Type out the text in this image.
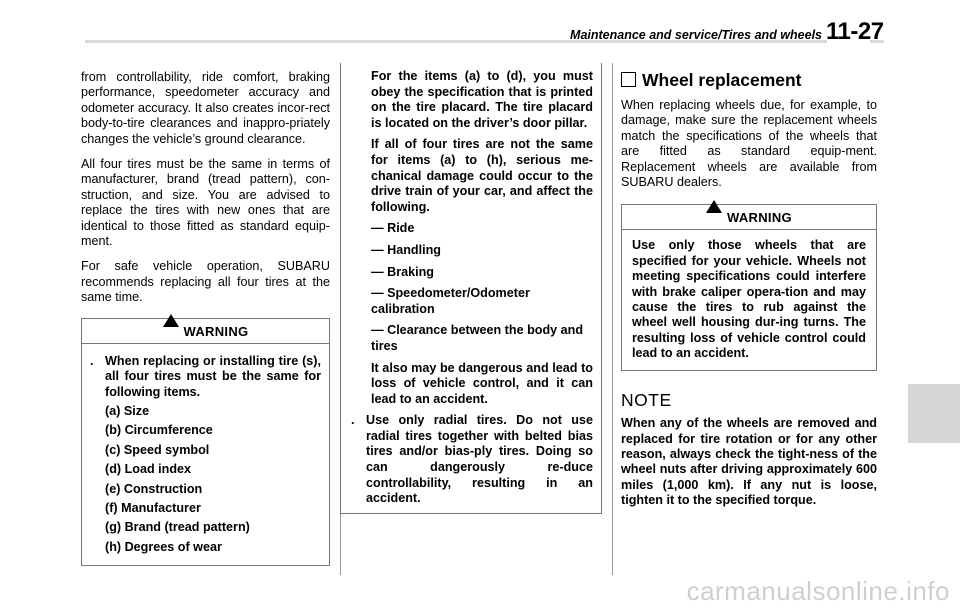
Maintenance and service/Tires and wheels 11-27

from controllability, ride comfort, braking performance, speedometer accuracy and odometer accuracy. It also creates incor-rect body-to-tire clearances and inappro-priately changes the vehicle’s ground clearance.

All four tires must be the same in terms of manufacturer, brand (tread pattern), con-struction, and size. You are advised to replace the tires with new ones that are identical to those fitted as standard equip-ment.

For safe vehicle operation, SUBARU recommends replacing all four tires at the same time.

WARNING
. When replacing or installing tire (s), all four tires must be the same for following items.
(a) Size
(b) Circumference
(c) Speed symbol
(d) Load index
(e) Construction
(f) Manufacturer
(g) Brand (tread pattern)
(h) Degrees of wear

For the items (a) to (d), you must obey the specification that is printed on the tire placard. The tire placard is located on the driver’s door pillar.

If all of four tires are not the same for items (a) to (h), serious me-chanical damage could occur to the drive train of your car, and affect the following.

— Ride

— Handling

— Braking

— Speedometer/Odometer calibration

— Clearance between the body and tires

It also may be dangerous and lead to loss of vehicle control, and it can lead to an accident.

. Use only radial tires. Do not use radial tires together with belted bias tires and/or bias-ply tires. Doing so can dangerously re-duce controllability, resulting in an accident.
Wheel replacement

When replacing wheels due, for example, to damage, make sure the replacement wheels match the specifications of the wheels that are fitted as standard equip-ment. Replacement wheels are available from SUBARU dealers.

WARNING
Use only those wheels that are specified for your vehicle. Wheels not meeting specifications could interfere with brake caliper opera-tion and may cause the tires to rub against the wheel well housing dur-ing turns. The resulting loss of vehicle control could lead to an accident.
NOTE
When any of the wheels are removed and replaced for tire rotation or for any other reason, always check the tight-ness of the wheel nuts after driving approximately 600 miles (1,000 km). If any nut is loose, tighten it to the specified torque.
carmanualsonline.info
